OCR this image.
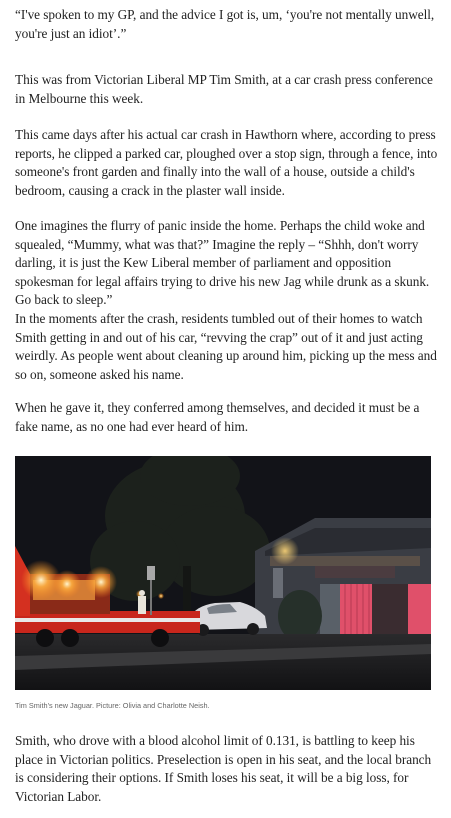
“I've spoken to my GP, and the advice I got is, um, ‘you're not mentally unwell, you're just an idiot’.”

This was from Victorian Liberal MP Tim Smith, at a car crash press conference in Melbourne this week.

This came days after his actual car crash in Hawthorn where, according to press reports, he clipped a parked car, ploughed over a stop sign, through a fence, into someone's front garden and finally into the wall of a house, outside a child's bedroom, causing a crack in the plaster wall inside.

One imagines the flurry of panic inside the home. Perhaps the child woke and squealed, “Mummy, what was that?” Imagine the reply – “Shhh, don't worry darling, it is just the Kew Liberal member of parliament and opposition spokesman for legal affairs trying to drive his new Jag while drunk as a skunk. Go back to sleep.”

In the moments after the crash, residents tumbled out of their homes to watch Smith getting in and out of his car, “revving the crap” out of it and just acting weirdly. As people went about cleaning up around him, picking up the mess and so on, someone asked his name.

When he gave it, they conferred among themselves, and decided it must be a fake name, as no one had ever heard of him.

Tim Smith's new Jaguar. Picture: Olivia and Charlotte Neish.

Smith, who drove with a blood alcohol limit of 0.131, is battling to keep his place in Victorian politics. Preselection is open in his seat, and the local branch is considering their options. If Smith loses his seat, it will be a big loss, for Victorian Labor.
